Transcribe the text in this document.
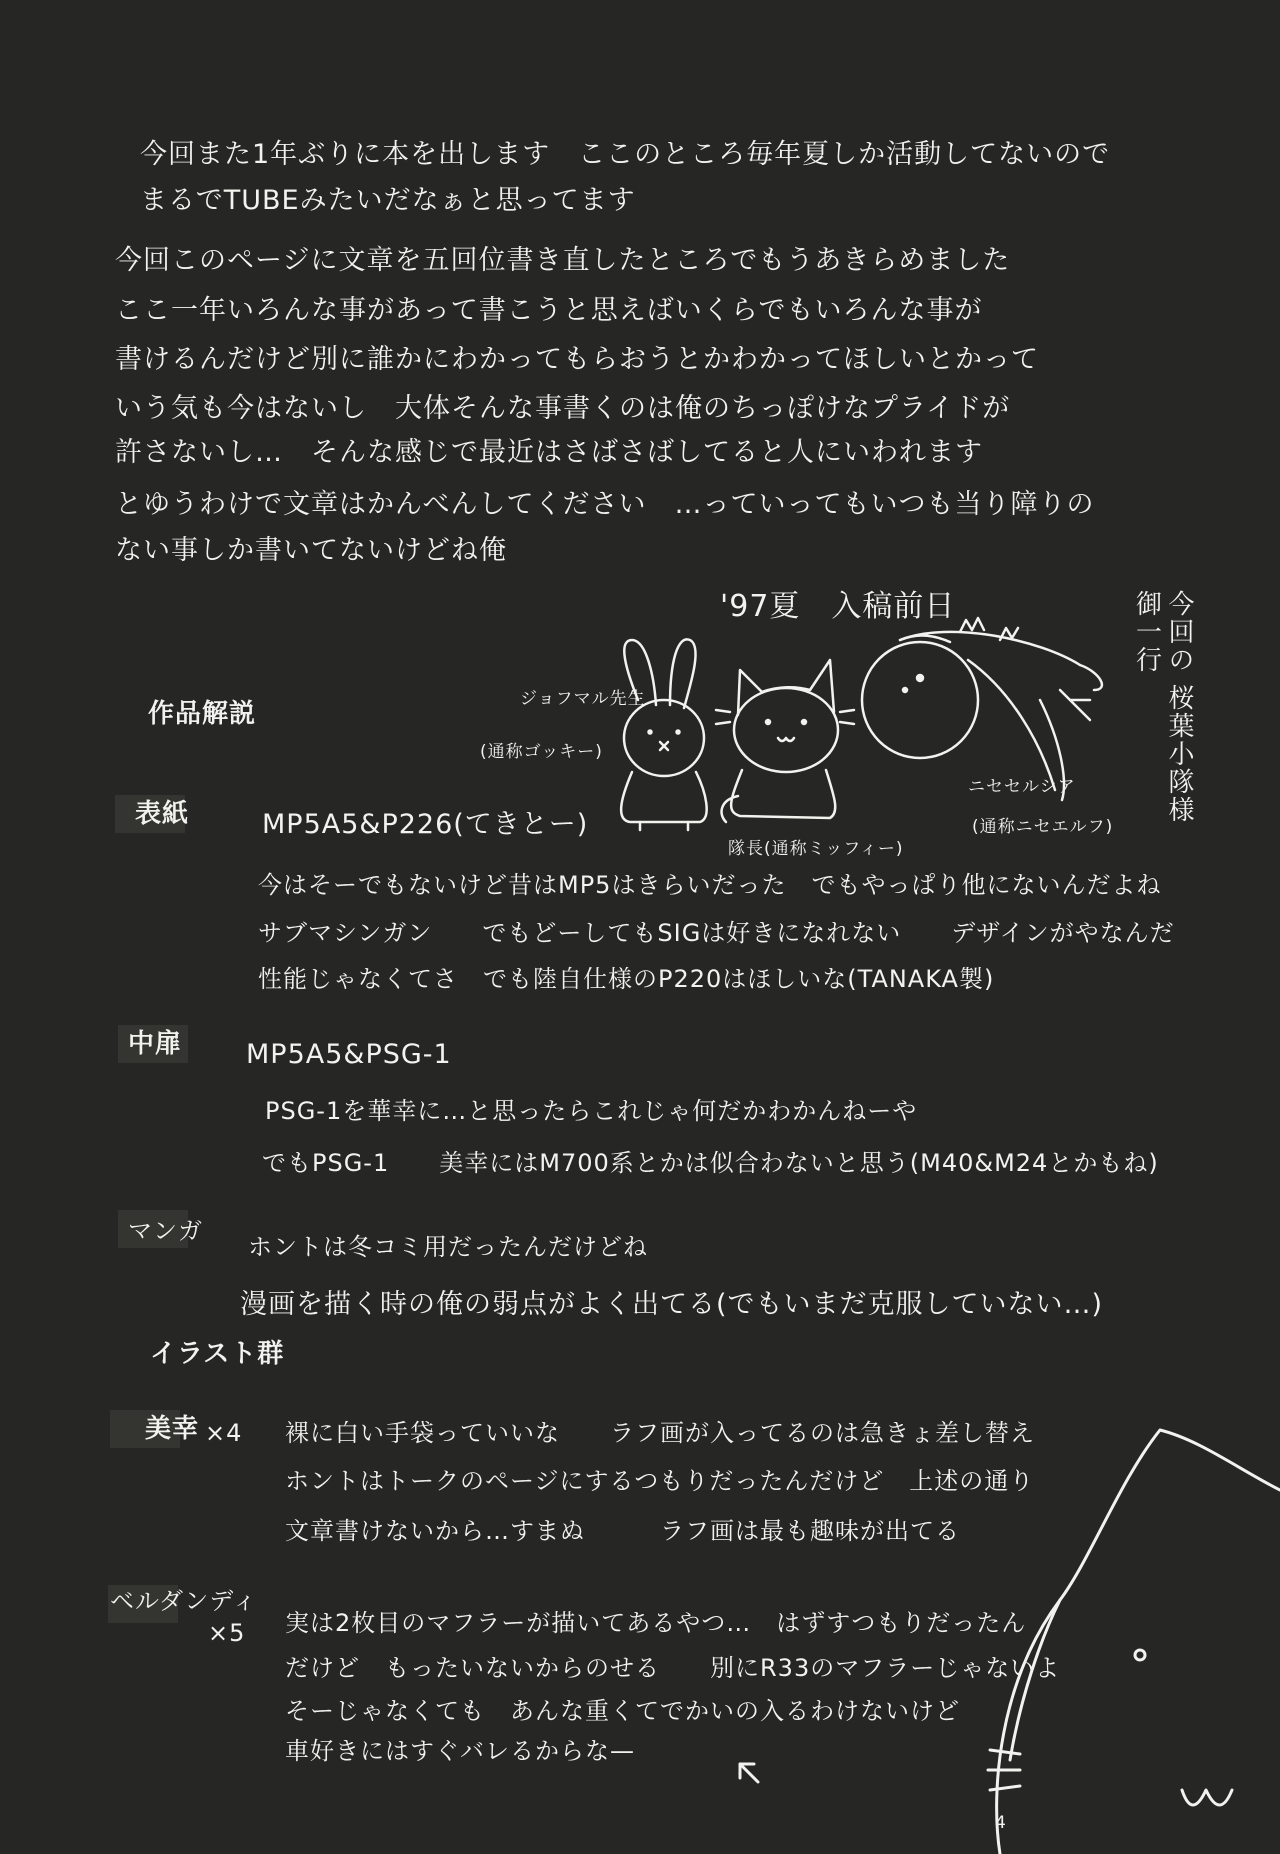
今回また1年ぶりに本を出します　ここのところ毎年夏しか活動してないので
まるでTUBEみたいだなぁと思ってます
今回このページに文章を五回位書き直したところでもうあきらめました
ここ一年いろんな事があって書こうと思えばいくらでもいろんな事が
書けるんだけど別に誰かにわかってもらおうとかわかってほしいとかって
いう気も今はないし　大体そんな事書くのは俺のちっぽけなプライドが
許さないし…　そんな感じで最近はさばさばしてると人にいわれます
とゆうわけで文章はかんべんしてください　…っていってもいつも当り障りの
ない事しか書いてないけどね俺
'97夏　入稿前日	今回の 桜葉小隊様 御一行
ジョフマル先生
(通称ゴッキー)
隊長(通称ミッフィー)
ニセセルシア
(通称ニセエルフ)
作品解説
表紙	MP5A5&P226(てきとー)
今はそーでもないけど昔はMP5はきらいだった　でもやっぱり他にないんだよね
サブマシンガン　　でもどーしてもSIGは好きになれない　　デザインがやなんだ
性能じゃなくてさ　でも陸自仕様のP220はほしいな(TANAKA製)
中扉 MP5A5&PSG-1
PSG-1を華幸に…と思ったらこれじゃ何だかわかんねーや
でもPSG-1　　美幸にはM700系とかは似合わないと思う(M40&M24とかもね)
マンガ
ホントは冬コミ用だったんだけどね
漫画を描く時の俺の弱点がよく出てる(でもいまだ克服していない…)
イラスト群
美幸 ×4 裸に白い手袋っていいな　　ラフ画が入ってるのは急きょ差し替え
ホントはトークのページにするつもりだったんだけど　上述の通り
文章書けないから…すまぬ　　　ラフ画は最も趣味が出てる
ベルダンディ
×5 実は2枚目のマフラーが描いてあるやつ…　はずすつもりだったん
だけど　もったいないからのせる　　別にR33のマフラーじゃないよ
そーじゃなくても　あんな重くてでかいの入るわけないけど
車好きにはすぐバレるからな—
4
